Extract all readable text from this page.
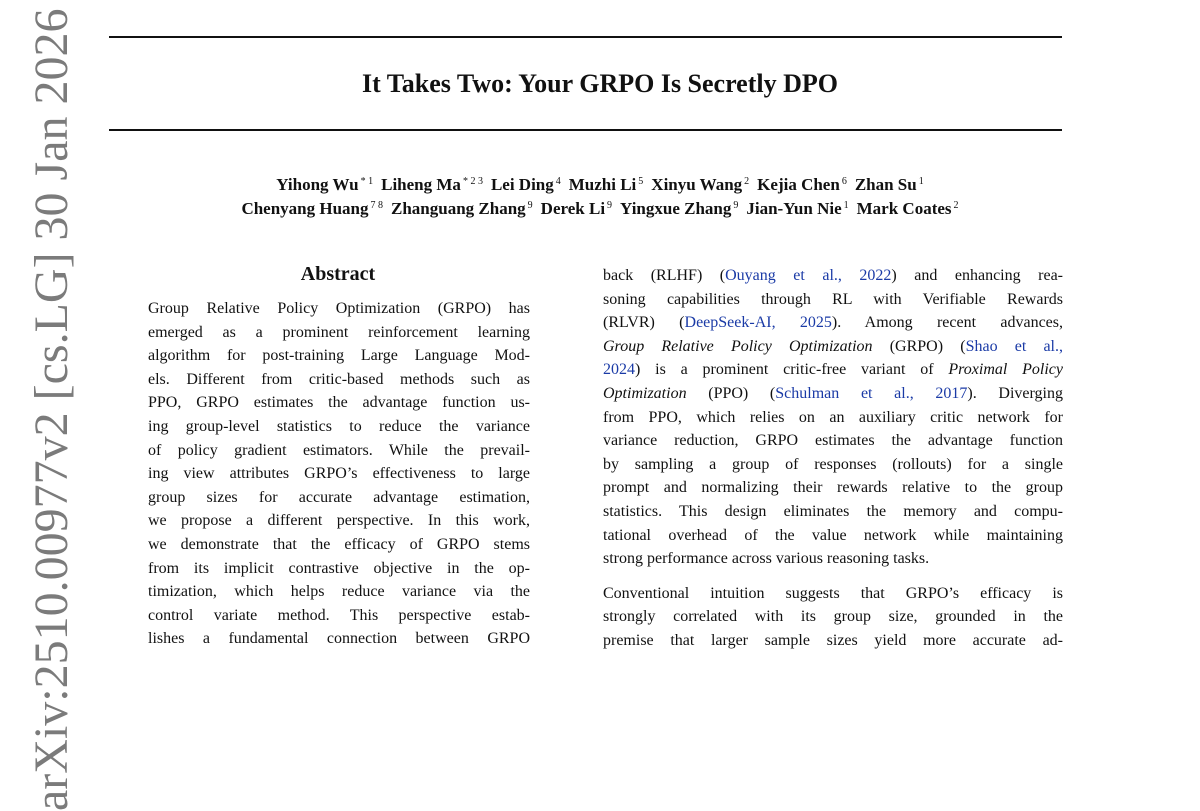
It Takes Two: Your GRPO Is Secretly DPO
Yihong Wu $^{* 1}$ Liheng Ma $^{* 2 3}$ Lei Ding $^4$ Muzhi Li $^5$ Xinyu Wang $^2$ Kejia Chen $^6$ Zhan Su $^1$
Chenyang Huang $^{7 8}$ Zhanguang Zhang $^9$ Derek Li $^9$ Yingxue Zhang $^9$ Jian-Yun Nie $^1$ Mark Coates $^2$
arXiv:2510.00977v2 [cs.LG] 30 Jan 2026	Abstract
Group Relative Policy Optimization (GRPO) has
emerged as a prominent reinforcement learning
algorithm for post-training Large Language Mod-
els. Different from critic-based methods such as
PPO, GRPO estimates the advantage function us-
ing group-level statistics to reduce the variance
of policy gradient estimators. While the prevail-
ing view attributes GRPO’s effectiveness to large
group sizes for accurate advantage estimation,
we propose a different perspective. In this work,
we demonstrate that the efficacy of GRPO stems
from its implicit contrastive objective in the op-
timization, which helps reduce variance via the
control variate method. This perspective estab-
lishes a fundamental connection between GRPO
back (RLHF) (Ouyang et al., 2022) and enhancing rea-
soning capabilities through RL with Verifiable Rewards
(RLVR) (DeepSeek-AI, 2025). Among recent advances,
Group Relative Policy Optimization (GRPO) (Shao et al.,
2024) is a prominent critic-free variant of Proximal Policy
Optimization (PPO) (Schulman et al., 2017). Diverging
from PPO, which relies on an auxiliary critic network for
variance reduction, GRPO estimates the advantage function
by sampling a group of responses (rollouts) for a single
prompt and normalizing their rewards relative to the group
statistics. This design eliminates the memory and compu-
tational overhead of the value network while maintaining
strong performance across various reasoning tasks.
Conventional intuition suggests that GRPO’s efficacy is
strongly correlated with its group size, grounded in the
premise that larger sample sizes yield more accurate ad-
